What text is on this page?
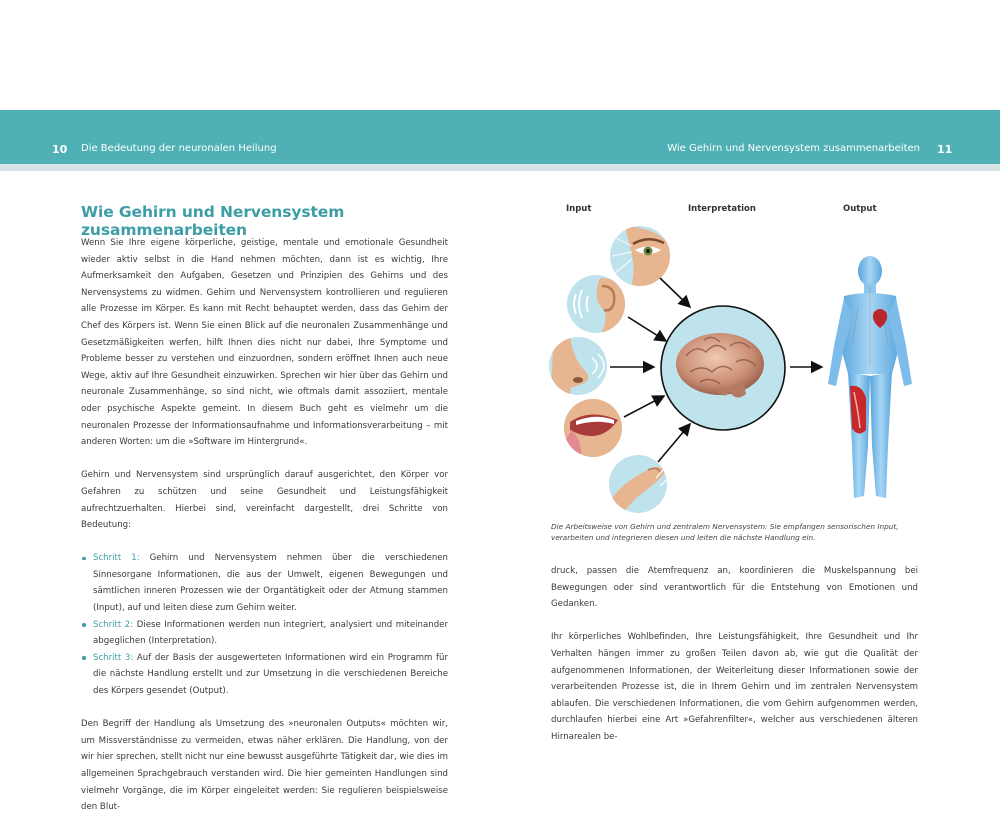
10 Die Bedeutung der neuronalen Heilung	Wie Gehirn und Nervensystem zusammenarbeiten 11
Wie Gehirn und Nervensystem zusammenarbeiten

Wenn Sie Ihre eigene körperliche, geistige, mentale und emotionale Gesundheit wieder aktiv selbst in die Hand nehmen möchten, dann ist es wichtig, Ihre Aufmerksamkeit den Aufgaben, Gesetzen und Prinzipien des Gehirns und des Nervensystems zu widmen. Gehirn und Nervensystem kontrollieren und regulieren alle Prozesse im Körper. Es kann mit Recht behauptet werden, dass das Gehirn der Chef des Körpers ist. Wenn Sie einen Blick auf die neuronalen Zusammenhänge und Gesetzmäßigkeiten werfen, hilft Ihnen dies nicht nur dabei, Ihre Symptome und Probleme besser zu verstehen und einzuordnen, sondern eröffnet Ihnen auch neue Wege, aktiv auf Ihre Gesundheit einzuwirken. Sprechen wir hier über das Gehirn und neuronale Zusammenhänge, so sind nicht, wie oftmals damit assoziiert, mentale oder psychische Aspekte gemeint. In diesem Buch geht es vielmehr um die neuronalen Prozesse der Informationsaufnahme und Informationsverarbeitung – mit anderen Worten: um die »Software im Hintergrund«.

Gehirn und Nervensystem sind ursprünglich darauf ausgerichtet, den Körper vor Gefahren zu schützen und seine Gesundheit und Leistungsfähigkeit aufrechtzuerhalten. Hierbei sind, vereinfacht dargestellt, drei Schritte von Bedeutung:

Schritt 1: Gehirn und Nervensystem nehmen über die verschiedenen Sinnesorgane Informationen, die aus der Umwelt, eigenen Bewegungen und sämtlichen inneren Prozessen wie der Organtätigkeit oder der Atmung stammen (Input), auf und leiten diese zum Gehirn weiter.
Schritt 2: Diese Informationen werden nun integriert, analysiert und miteinander abgeglichen (Interpretation).
Schritt 3: Auf der Basis der ausgewerteten Informationen wird ein Programm für die nächste Handlung erstellt und zur Umsetzung in die verschiedenen Bereiche des Körpers gesendet (Output).

Den Begriff der Handlung als Umsetzung des »neuronalen Outputs« möchten wir, um Missverständnisse zu vermeiden, etwas näher erklären. Die Handlung, von der wir hier sprechen, stellt nicht nur eine bewusst ausgeführte Tätigkeit dar, wie dies im allgemeinen Sprachgebrauch verstanden wird. Die hier gemeinten Handlungen sind vielmehr Vorgänge, die im Körper eingeleitet werden: Sie regulieren beispielsweise den Blut-

Input	Interpretation	Output
Die Arbeitsweise von Gehirn und zentralem Nervensystem: Sie empfangen sensorischen Input, verarbeiten und integrieren diesen und leiten die nächste Handlung ein.

druck, passen die Atemfrequenz an, koordinieren die Muskelspannung bei Bewegungen oder sind verantwortlich für die Entstehung von Emotionen und Gedanken.

Ihr körperliches Wohlbefinden, Ihre Leistungsfähigkeit, Ihre Gesundheit und Ihr Verhalten hängen immer zu großen Teilen davon ab, wie gut die Qualität der aufgenommenen Informationen, der Weiterleitung dieser Informationen sowie der verarbeitenden Prozesse ist, die in Ihrem Gehirn und im zentralen Nervensystem ablaufen. Die verschiedenen Informationen, die vom Gehirn aufgenommen werden, durchlaufen hierbei eine Art »Gefahrenfilter«, welcher aus verschiedenen älteren Hirnarealen be-
